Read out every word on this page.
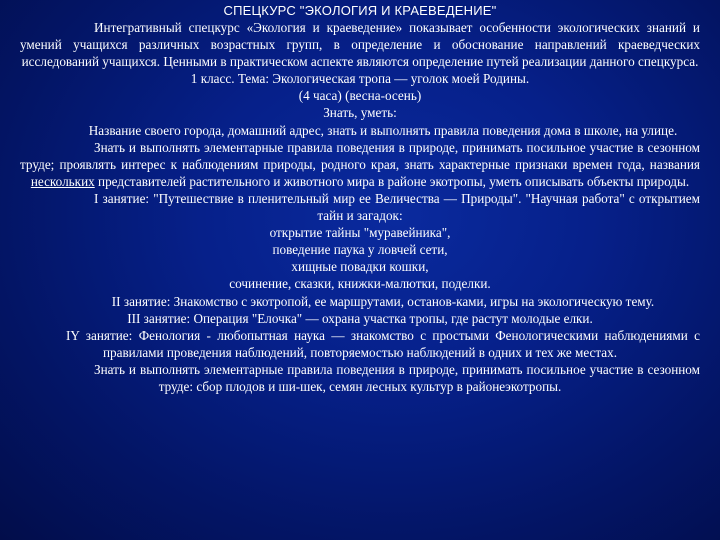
СПЕЦКУРС "ЭКОЛОГИЯ И КРАЕВЕДЕНИЕ"

Интегративный спецкурс «Экология и краеведение» показывает особенности экологических знаний и умений учащихся различных возрастных групп, в определение и обоснование направлений краеведческих исследований учащихся. Ценными в практическом аспекте являются определение путей реализации данного спецкурса.

1 класс. Тема: Экологическая тропа — уголок моей Родины.

(4 часа) (весна-осень)

Знать, уметь:

Название своего города, домашний адрес, знать и выполнять правила поведения дома в школе, на улице.

Знать и выполнять элементарные правила поведения в природе, принимать посильное участие в сезонном труде; проявлять интерес к наблюдениям природы, родного края, знать характерные признаки времен года, названия нескольких представителей растительного и животного мира в районе экотропы, уметь описывать объекты природы.

I занятие: "Путешествие в пленительный мир ее Величества — Природы". "Научная работа" с открытием тайн и загадок:

открытие тайны "муравейника",

поведение паука у ловчей сети,

хищные повадки кошки,

сочинение, сказки, книжки-малютки, поделки.

II занятие: Знакомство с экотропой, ее маршрутами, останов-ками, игры на экологическую тему.

III занятие: Операция "Елочка" — охрана участка тропы, где растут молодые елки.

IY занятие: Фенология - любопытная наука — знакомство с простыми Фенологическими наблюдениями с правилами проведения наблюдений, повторяемостью наблюдений в одних и тех же местах.

Знать и выполнять элементарные правила поведения в природе, принимать посильное участие в сезонном труде: сбор плодов и ши-шек, семян лесных культур в районеэкотропы.
